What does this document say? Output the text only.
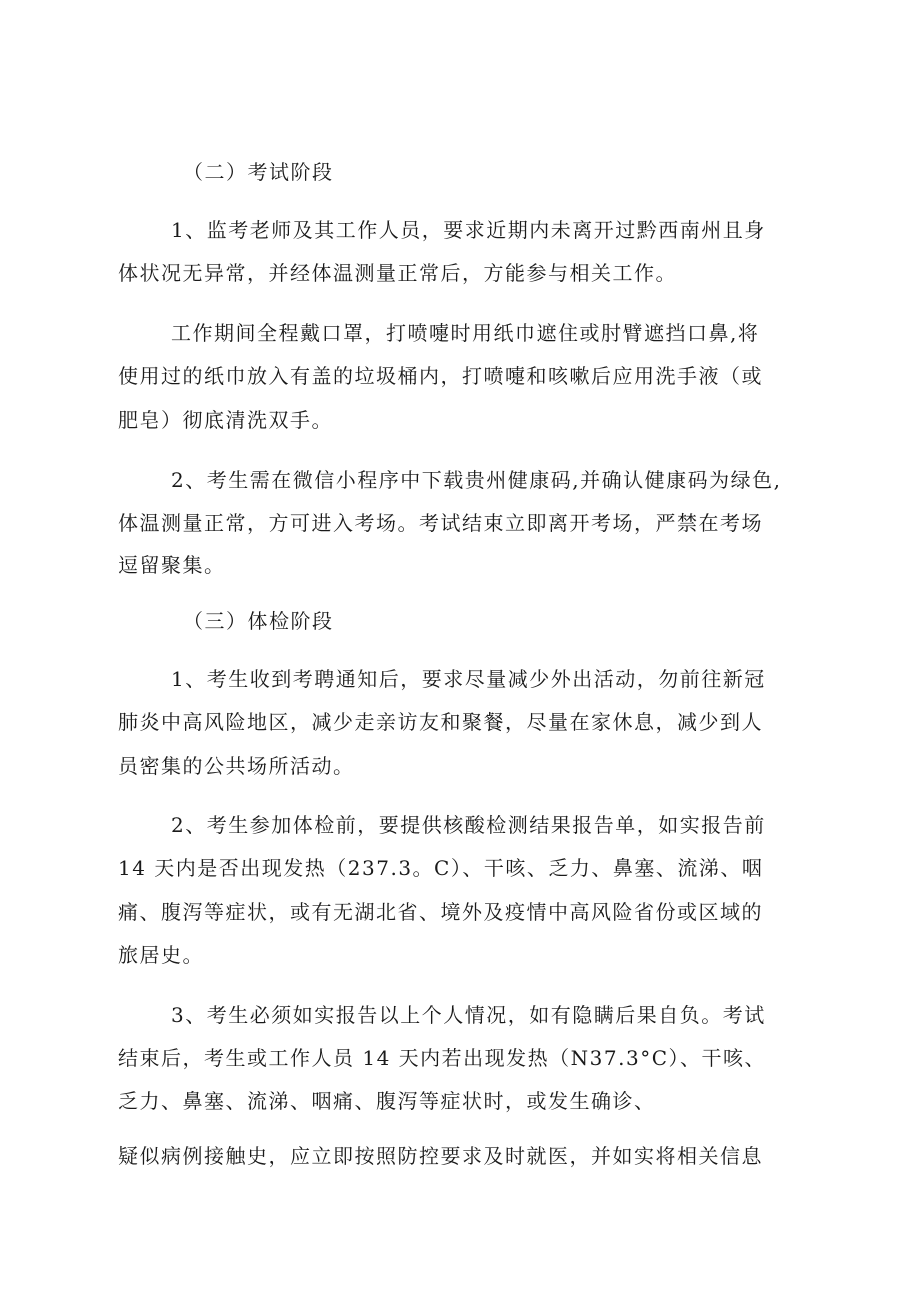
（二）考试阶段
1、监考老师及其工作人员，要求近期内未离开过黔西南州且身
体状况无异常，并经体温测量正常后，方能参与相关工作。
工作期间全程戴口罩，打喷嚏时用纸巾遮住或肘臂遮挡口鼻,将
使用过的纸巾放入有盖的垃圾桶内，打喷嚏和咳嗽后应用洗手液（或
肥皂）彻底清洗双手。
2、考生需在微信小程序中下载贵州健康码,并确认健康码为绿色,
体温测量正常，方可进入考场。考试结束立即离开考场，严禁在考场
逗留聚集。
（三）体检阶段
1、考生收到考聘通知后，要求尽量减少外出活动，勿前往新冠
肺炎中高风险地区，减少走亲访友和聚餐，尽量在家休息，减少到人
员密集的公共场所活动。
2、考生参加体检前，要提供核酸检测结果报告单，如实报告前
14 天内是否出现发热（237.3。C）、干咳、乏力、鼻塞、流涕、咽
痛、腹泻等症状，或有无湖北省、境外及疫情中高风险省份或区域的
旅居史。
3、考生必须如实报告以上个人情况，如有隐瞒后果自负。考试
结束后，考生或工作人员 14 天内若出现发热（N37.3°C）、干咳、
乏力、鼻塞、流涕、咽痛、腹泻等症状时，或发生确诊、
疑似病例接触史，应立即按照防控要求及时就医，并如实将相关信息
